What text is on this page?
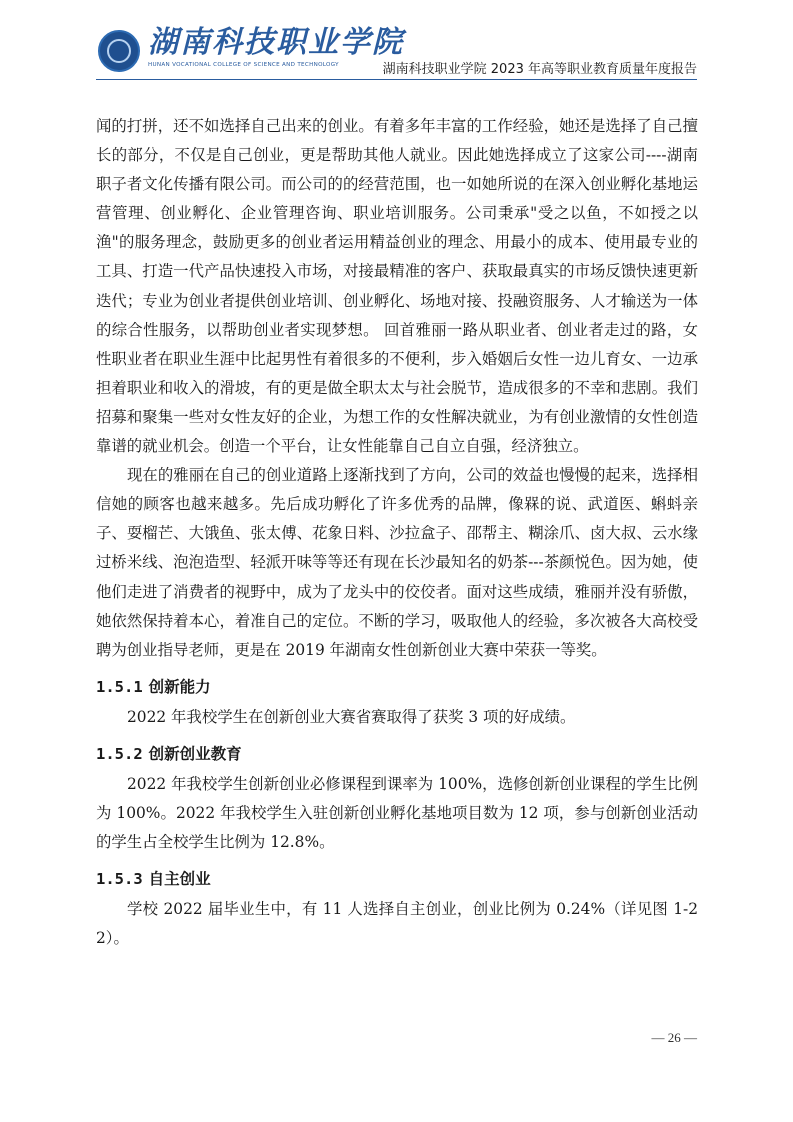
湖南科技职业学院
HUNAN VOCATIONAL COLLEGE OF SCIENCE AND TECHNOLOGY	湖南科技职业学院 2023 年高等职业教育质量年度报告

闻的打拼，还不如选择自己出来的创业。有着多年丰富的工作经验，她还是选择了自己擅长的部分，不仅是自己创业，更是帮助其他人就业。因此她选择成立了这家公司----湖南职子者文化传播有限公司。而公司的的经营范围，也一如她所说的在深入创业孵化基地运营管理、创业孵化、企业管理咨询、职业培训服务。公司秉承"受之以鱼，不如授之以渔"的服务理念，鼓励更多的创业者运用精益创业的理念、用最小的成本、使用最专业的工具、打造一代产品快速投入市场，对接最精准的客户、获取最真实的市场反馈快速更新迭代；专业为创业者提供创业培训、创业孵化、场地对接、投融资服务、人才输送为一体的综合性服务，以帮助创业者实现梦想。 回首雅丽一路从职业者、创业者走过的路，女性职业者在职业生涯中比起男性有着很多的不便利，步入婚姻后女性一边儿育女、一边承担着职业和收入的滑坡，有的更是做全职太太与社会脱节，造成很多的不幸和悲剧。我们招募和聚集一些对女性友好的企业，为想工作的女性解决就业，为有创业激情的女性创造靠谱的就业机会。创造一个平台，让女性能靠自己自立自强，经济独立。

现在的雅丽在自己的创业道路上逐渐找到了方向，公司的效益也慢慢的起来，选择相信她的顾客也越来越多。先后成功孵化了许多优秀的品牌，像槑的说、武道医、蝌蚪亲子、耍榴芒、大饿鱼、张太傅、花象日料、沙拉盒子、邵帮主、糊涂爪、卤大叔、云水缘过桥米线、泡泡造型、轻派开味等等还有现在长沙最知名的奶茶---茶颜悦色。因为她，使他们走进了消费者的视野中，成为了龙头中的佼佼者。面对这些成绩，雅丽并没有骄傲，她依然保持着本心，着准自己的定位。不断的学习，吸取他人的经验，多次被各大高校受聘为创业指导老师，更是在 2019 年湖南女性创新创业大赛中荣获一等奖。

1.5.1 创新能力

2022 年我校学生在创新创业大赛省赛取得了获奖 3 项的好成绩。

1.5.2 创新创业教育

2022 年我校学生创新创业必修课程到课率为 100%，选修创新创业课程的学生比例为 100%。2022 年我校学生入驻创新创业孵化基地项目数为 12 项，参与创新创业活动的学生占全校学生比例为 12.8%。

1.5.3 自主创业

学校 2022 届毕业生中，有 11 人选择自主创业，创业比例为 0.24%（详见图 1-22）。

— 26 —
